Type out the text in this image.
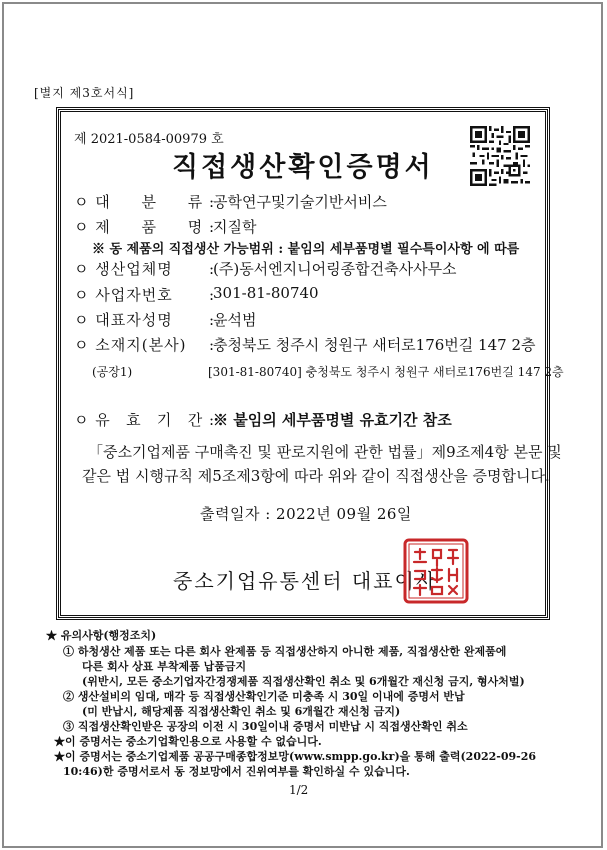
[별지 제3호서식]
제 2021-0584-00979 호
직접생산확인증명서
ㅇ 대 분 류 :
공학연구및기술기반서비스
ㅇ 제 품 명 :
지질학
※ 동 제품의 직접생산 가능범위 : 붙임의 세부품명별 필수특이사항 에 따름
ㅇ 생산업체명 :
(주)동서엔지니어링종합건축사사무소
ㅇ 사업자번호 :
301-81-80740
ㅇ 대표자성명 :
윤석범
ㅇ 소재지(본사) :
충청북도 청주시 청원구 새터로176번길 147 2층
(공장1)	[301-81-80740] 충청북도 청주시 청원구 새터로176번길 147 2층
ㅇ 유 효 기 간 :
※ 붙임의 세부품명별 유효기간 참조
「중소기업제품 구매촉진 및 판로지원에 관한 법률」제9조제4항 본문 및
같은 법 시행규칙 제5조제3항에 따라 위와 같이 직접생산을 증명합니다.
출력일자 : 2022년 09월 26일
중소기업유통센터 대표이사
★ 유의사항(행정조치)
① 하청생산 제품 또는 다른 회사 완제품 등 직접생산하지 아니한 제품, 직접생산한 완제품에
다른 회사 상표 부착제품 납품금지
(위반시, 모든 중소기업자간경쟁제품 직접생산확인 취소 및 6개월간 재신청 금지, 형사처벌)
② 생산설비의 임대, 매각 등 직접생산확인기준 미충족 시 30일 이내에 증명서 반납
(미 반납시, 해당제품 직접생산확인 취소 및 6개월간 재신청 금지)
③ 직접생산확인받은 공장의 이전 시 30일이내 증명서 미반납 시 직접생산확인 취소
★이 증명서는 중소기업확인용으로 사용할 수 없습니다.
★이 증명서는 중소기업제품 공공구매종합정보망(www.smpp.go.kr)을 통해 출력(2022-09-26
10:46)한 증명서로서 동 정보망에서 진위여부를 확인하실 수 있습니다.
1/2
